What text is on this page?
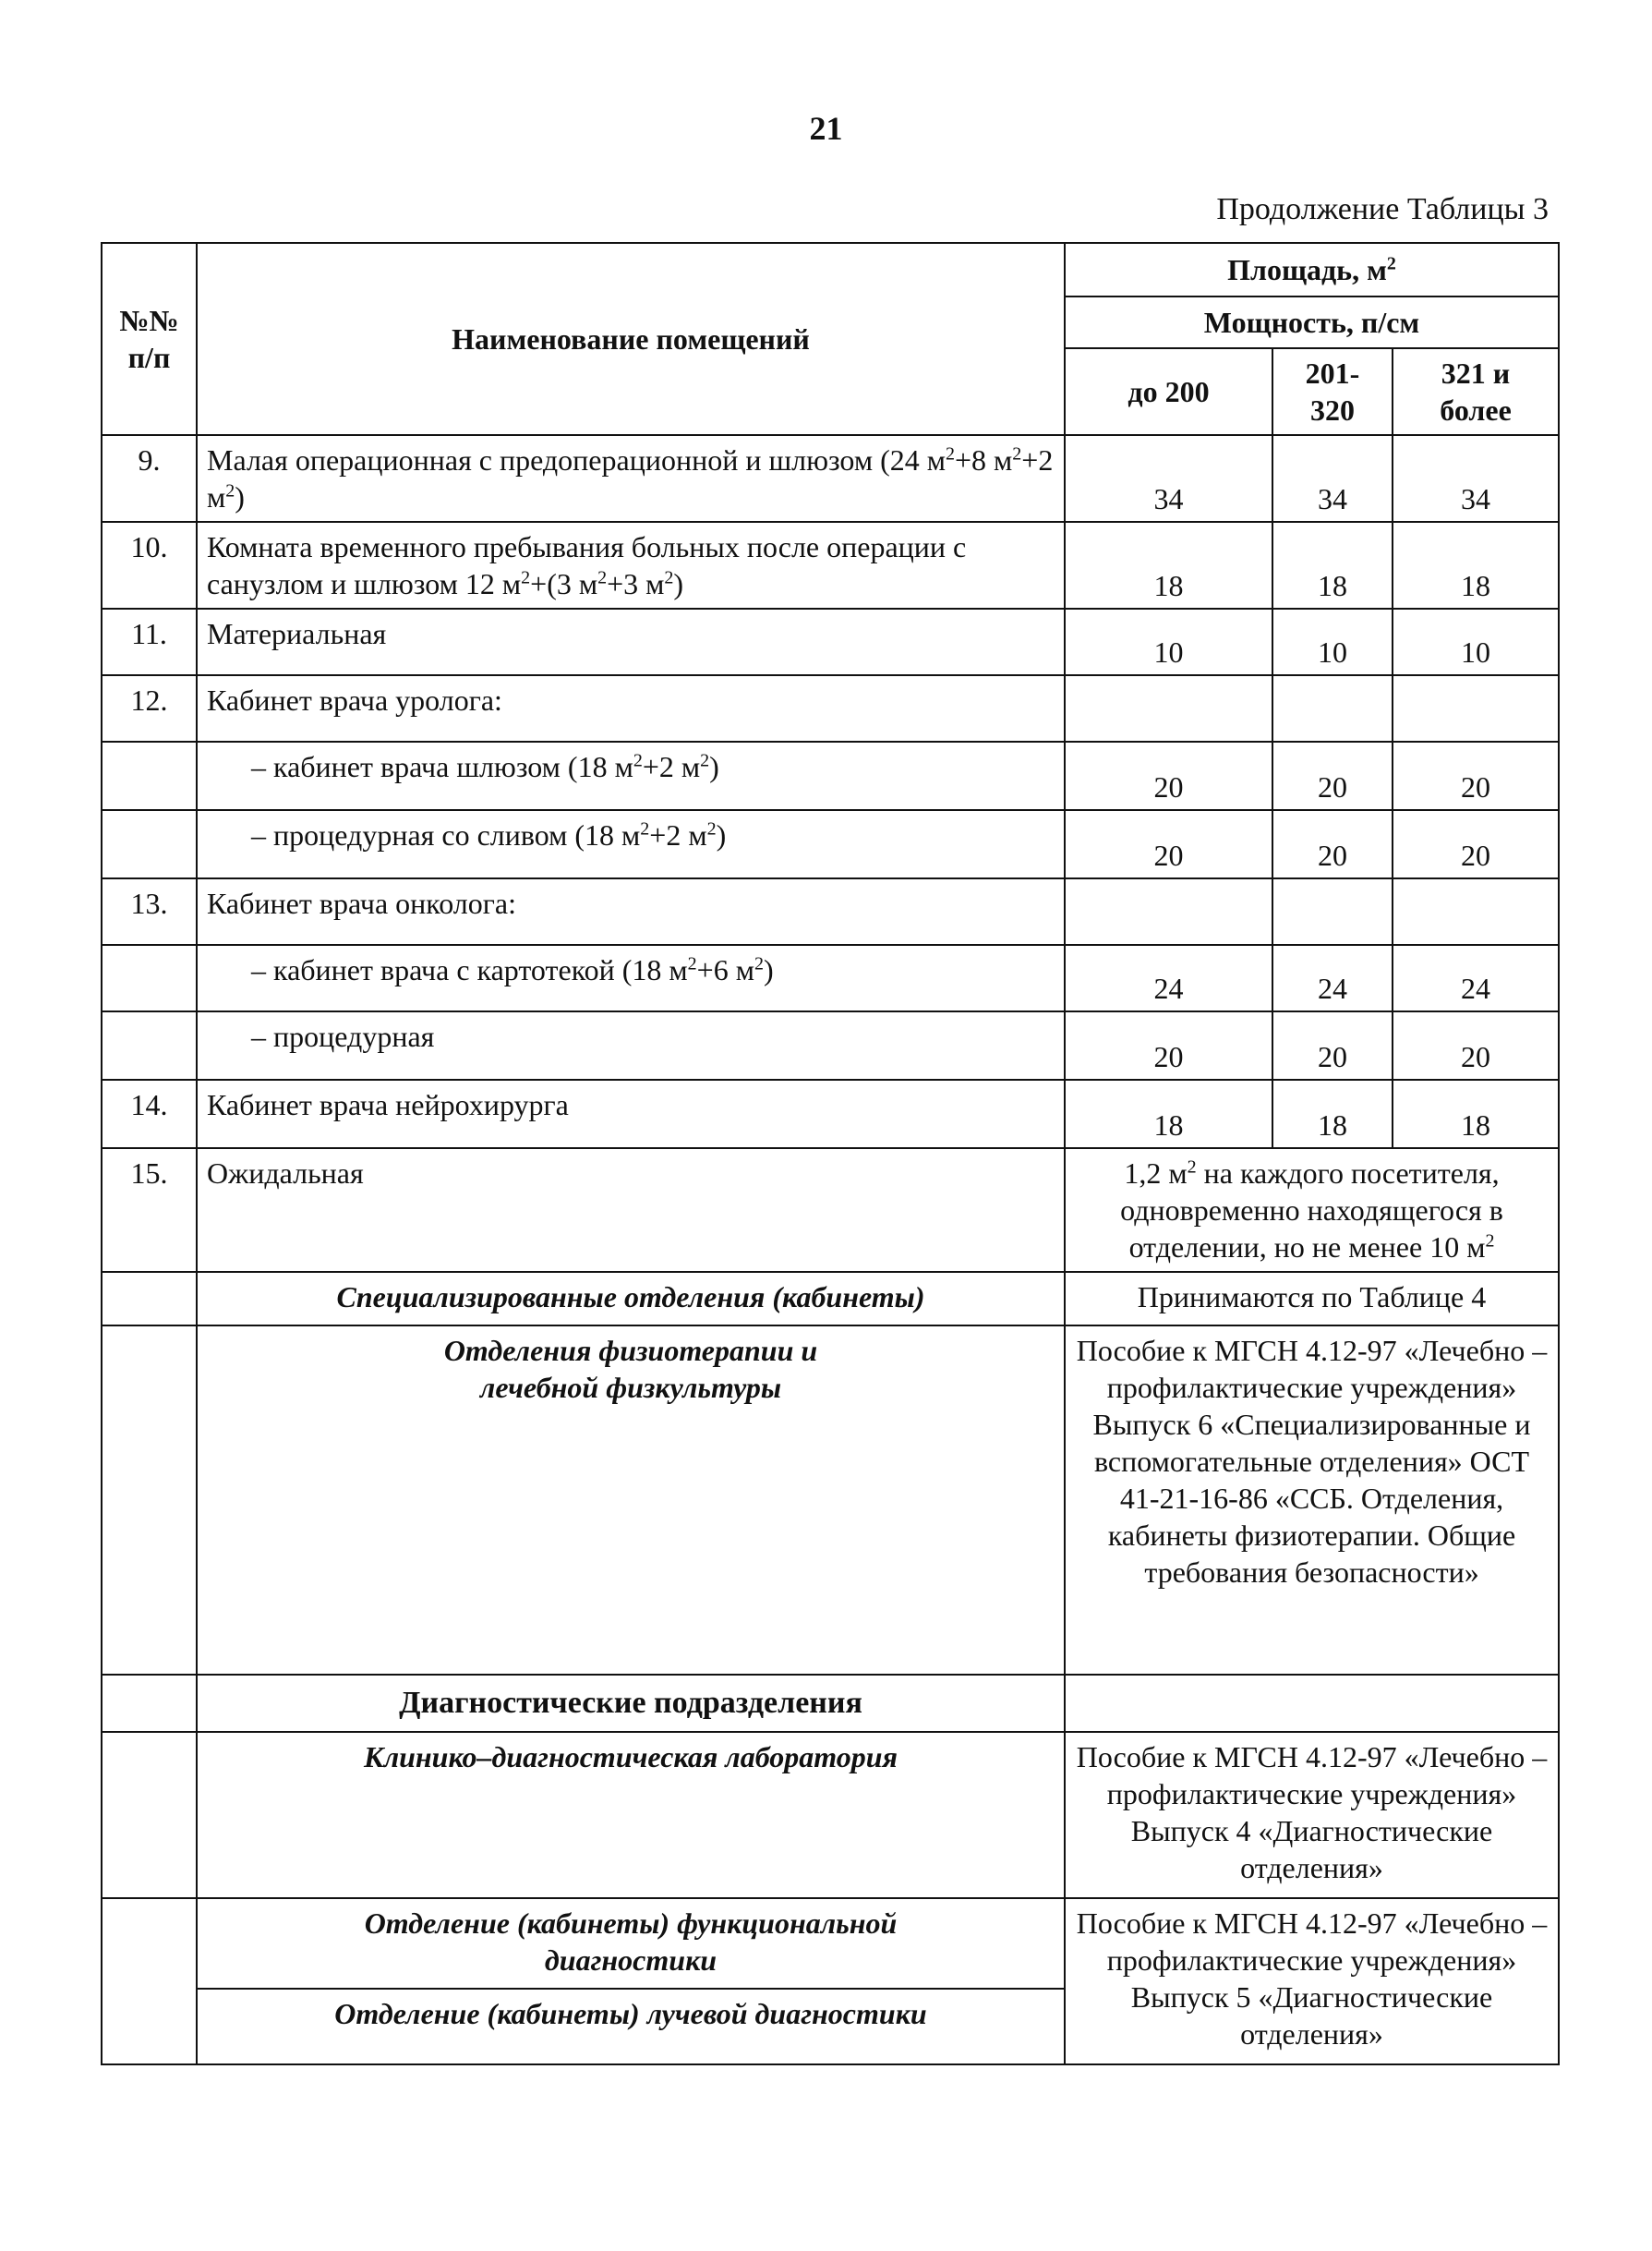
21
Продолжение Таблицы 3
№№ п/п	Наименование помещений	Площадь, $м^2$
		Мощность, п/см		
		до 200	201- 320	321 и более
9.	Малая операционная с предоперационной и шлюзом (24 $м^2+8$ $м^2+2$ $м^2$)	34	34	34
10.	Комната временного пребывания больных после операции с санузлом и шлюзом 12 $м^2+(3$ $м^2+3$ $м^2$)	18	18	18
11.	Материальная	10	10	10
12.	Кабинет врача уролога:			
	– кабинет врача шлюзом (18 $м^2+2$ $м^2$)	20	20	20
	– процедурная со сливом (18 $м^2+2$ $м^2$)	20	20	20
13.	Кабинет врача онколога:			
	– кабинет врача с картотекой (18 $м^2+6$ $м^2$)	24	24	24
	– процедурная	20	20	20
14.	Кабинет врача нейрохирурга	18	18	18
15.	Ожидальная	1,2 $м^2$ на каждого посетителя, одновременно находящегося в отделении, но не менее 10 $м^2$
	Специализированные отделения (кабинеты)	Принимаются по Таблице 4		

	Отделения физиотерапии и лечебной физкультуры	Пособие к МГСН 4.12-97 «Лечебно – профилактические учреждения» Выпуск 6 «Специализированные и вспомогательные отделения» ОСТ 41-21-16-86 «ССБ. Отделения, кабинеты физиотерапии. Общие требования безопасности»		
	Диагностические подразделения			
	Клинико–диагностическая лаборатория	Пособие к МГСН 4.12-97 «Лечебно – профилактические учреждения» Выпуск 4 «Диагностические отделения»		

	Отделение (кабинеты) функциональной диагностики	Пособие к МГСН 4.12-97 «Лечебно – профилактические учреждения» Выпуск 5 «Диагностические отделения»		
	Отделение (кабинеты) лучевой диагностики			
